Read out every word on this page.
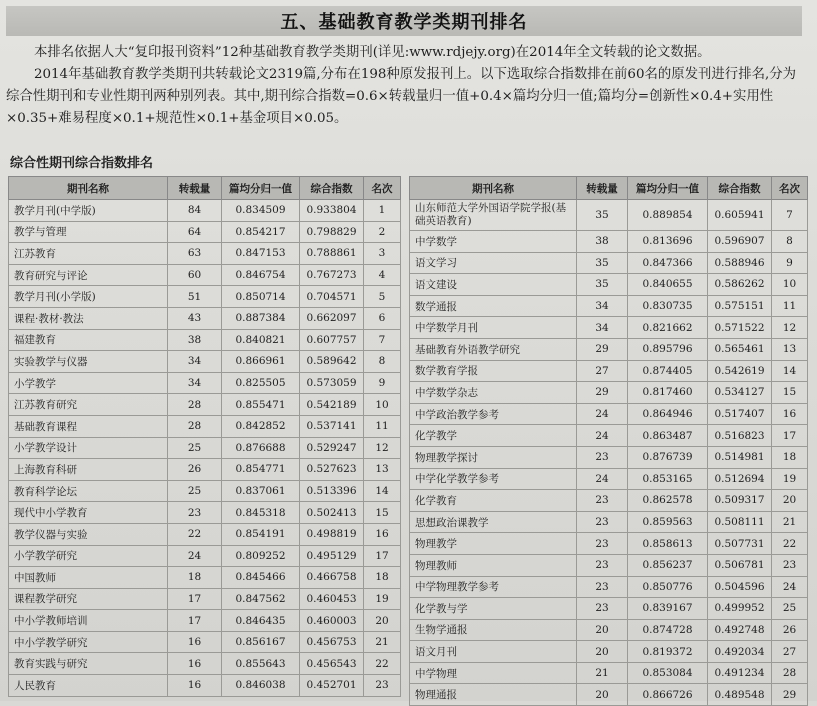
五、基础教育教学类期刊排名

本排名依据人大“复印报刊资料”12种基础教育教学类期刊(详见:www.rdjejy.org)在2014年全文转载的论文数据。

2014年基础教育教学类期刊共转载论文2319篇,分布在198种原发报刊上。以下选取综合指数排在前60名的原发刊进行排名,分为综合性期刊和专业性期刊两种别列表。其中,期刊综合指数=0.6×转载量归一值+0.4×篇均分归一值;篇均分=创新性×0.4+实用性×0.35+难易程度×0.1+规范性×0.1+基金项目×0.05。

综合性期刊综合指数排名
期刊名称	转载量	篇均分归一值	综合指数	名次
教学月刊(中学版)	84	0.834509	0.933804	1
教学与管理	64	0.854217	0.798829	2
江苏教育	63	0.847153	0.788861	3
教育研究与评论	60	0.846754	0.767273	4
教学月刊(小学版)	51	0.850714	0.704571	5
课程·教材·教法	43	0.887384	0.662097	6
福建教育	38	0.840821	0.607757	7
实验教学与仪器	34	0.866961	0.589642	8
小学教学	34	0.825505	0.573059	9
江苏教育研究	28	0.855471	0.542189	10
基础教育课程	28	0.842852	0.537141	11
小学教学设计	25	0.876688	0.529247	12
上海教育科研	26	0.854771	0.527623	13
教育科学论坛	25	0.837061	0.513396	14
现代中小学教育	23	0.845318	0.502413	15
教学仪器与实验	22	0.854191	0.498819	16
小学教学研究	24	0.809252	0.495129	17
中国教师	18	0.845466	0.466758	18
课程教学研究	17	0.847562	0.460453	19
中小学教师培训	17	0.846435	0.460003	20
中小学教学研究	16	0.856167	0.456753	21
教育实践与研究	16	0.855643	0.456543	22
人民教育	16	0.846038	0.452701	23
期刊名称	转载量	篇均分归一值	综合指数	名次
山东师范大学外国语学院学报(基础英语教育)	35	0.889854	0.605941	7
中学数学	38	0.813696	0.596907	8
语文学习	35	0.847366	0.588946	9
语文建设	35	0.840655	0.586262	10
数学通报	34	0.830735	0.575151	11
中学数学月刊	34	0.821662	0.571522	12
基础教育外语教学研究	29	0.895796	0.565461	13
数学教育学报	27	0.874405	0.542619	14
中学数学杂志	29	0.817460	0.534127	15
中学政治教学参考	24	0.864946	0.517407	16
化学教学	24	0.863487	0.516823	17
物理教学探讨	23	0.876739	0.514981	18
中学化学教学参考	24	0.853165	0.512694	19
化学教育	23	0.862578	0.509317	20
思想政治课教学	23	0.859563	0.508111	21
物理教学	23	0.858613	0.507731	22
物理教师	23	0.856237	0.506781	23
中学物理教学参考	23	0.850776	0.504596	24
化学教与学	23	0.839167	0.499952	25
生物学通报	20	0.874728	0.492748	26
语文月刊	20	0.819372	0.492034	27
中学物理	21	0.853084	0.491234	28
物理通报	20	0.866726	0.489548	29
